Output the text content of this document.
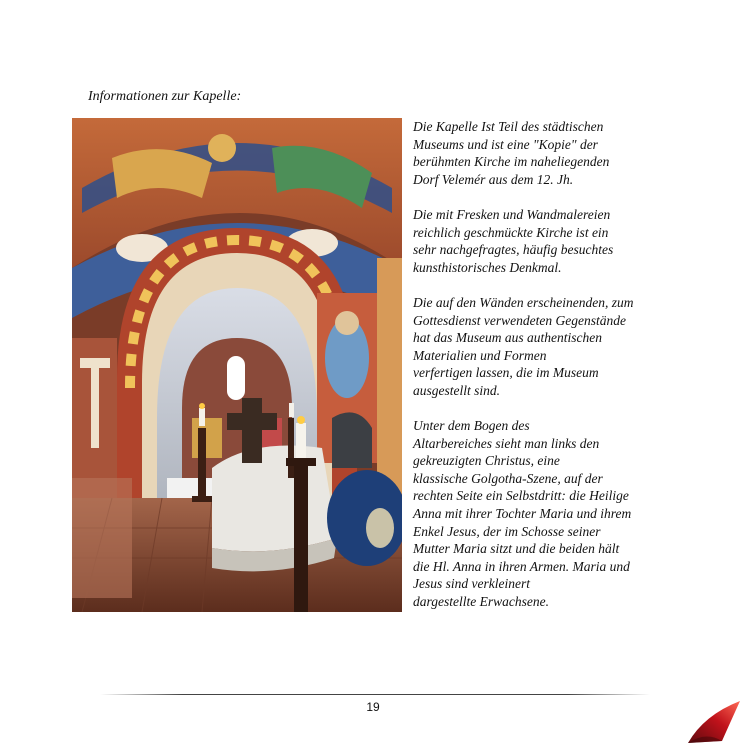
Informationen zur Kapelle:

Die Kapelle Ist Teil des städtischen
Museums und ist eine "Kopie" der
berühmten Kirche im naheliegenden
Dorf Velemér aus dem 12. Jh.

Die mit Fresken und Wandmalereien
reichlich geschmückte Kirche ist ein
sehr nachgefragtes, häufig besuchtes
kunsthistorisches Denkmal.

Die auf den Wänden erscheinenden, zum
Gottesdienst verwendeten Gegenstände
hat das Museum aus authentischen
Materialien und Formen
verfertigen lassen, die im Museum
ausgestellt sind.

Unter dem Bogen des
Altarbereiches sieht man links den
gekreuzigten Christus, eine
klassische Golgotha-Szene, auf der
rechten Seite ein Selbstdritt: die Heilige
Anna mit ihrer Tochter Maria und ihrem
Enkel Jesus, der im Schosse seiner
Mutter Maria sitzt und die beiden hält
die Hl. Anna in ihren Armen. Maria und
Jesus sind verkleinert
dargestellte Erwachsene.

19
